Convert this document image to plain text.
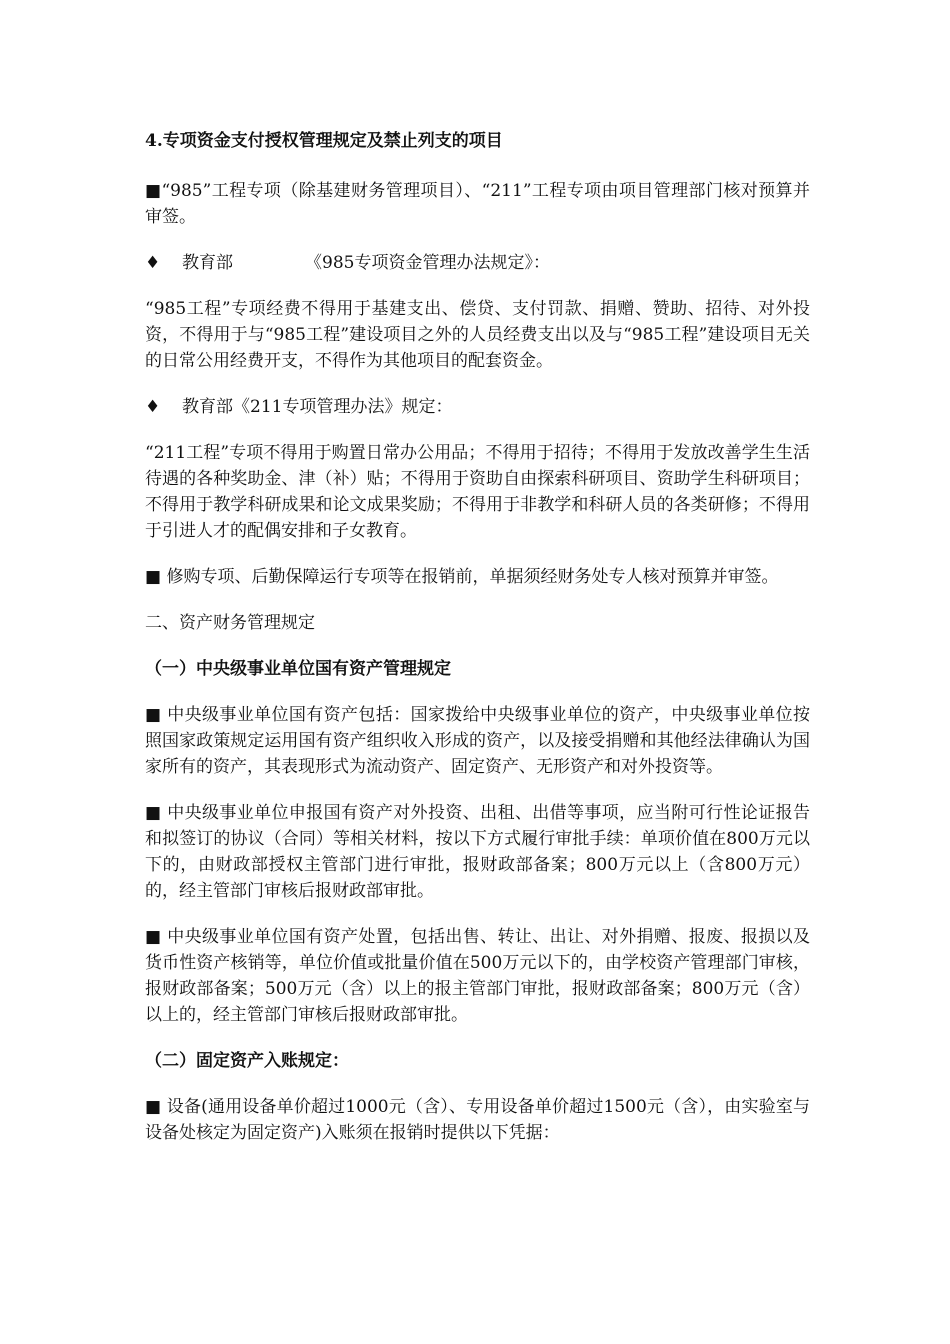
4.专项资金支付授权管理规定及禁止列支的项目

■“985”工程专项（除基建财务管理项目）、“211”工程专项由项目管理部门核对预算并审签。

♦	教育部	《985专项资金管理办法规定》：

“985工程”专项经费不得用于基建支出、偿贷、支付罚款、捐赠、赞助、招待、对外投资，不得用于与“985工程”建设项目之外的人员经费支出以及与“985工程”建设项目无关的日常公用经费开支，不得作为其他项目的配套资金。

♦	教育部《211专项管理办法》规定：

“211工程”专项不得用于购置日常办公用品；不得用于招待；不得用于发放改善学生生活待遇的各种奖助金、津（补）贴；不得用于资助自由探索科研项目、资助学生科研项目；不得用于教学科研成果和论文成果奖励；不得用于非教学和科研人员的各类研修；不得用于引进人才的配偶安排和子女教育。

■ 修购专项、后勤保障运行专项等在报销前，单据须经财务处专人核对预算并审签。

二、资产财务管理规定

（一）中央级事业单位国有资产管理规定

■ 中央级事业单位国有资产包括：国家拨给中央级事业单位的资产，中央级事业单位按照国家政策规定运用国有资产组织收入形成的资产，以及接受捐赠和其他经法律确认为国家所有的资产，其表现形式为流动资产、固定资产、无形资产和对外投资等。

■ 中央级事业单位申报国有资产对外投资、出租、出借等事项，应当附可行性论证报告和拟签订的协议（合同）等相关材料，按以下方式履行审批手续：单项价值在800万元以下的，由财政部授权主管部门进行审批，报财政部备案；800万元以上（含800万元）的，经主管部门审核后报财政部审批。

■ 中央级事业单位国有资产处置，包括出售、转让、出让、对外捐赠、报废、报损以及货币性资产核销等，单位价值或批量价值在500万元以下的，由学校资产管理部门审核，报财政部备案；500万元（含）以上的报主管部门审批，报财政部备案；800万元（含）以上的，经主管部门审核后报财政部审批。

（二）固定资产入账规定：

■ 设备(通用设备单价超过1000元（含）、专用设备单价超过1500元（含），由实验室与设备处核定为固定资产)入账须在报销时提供以下凭据：
